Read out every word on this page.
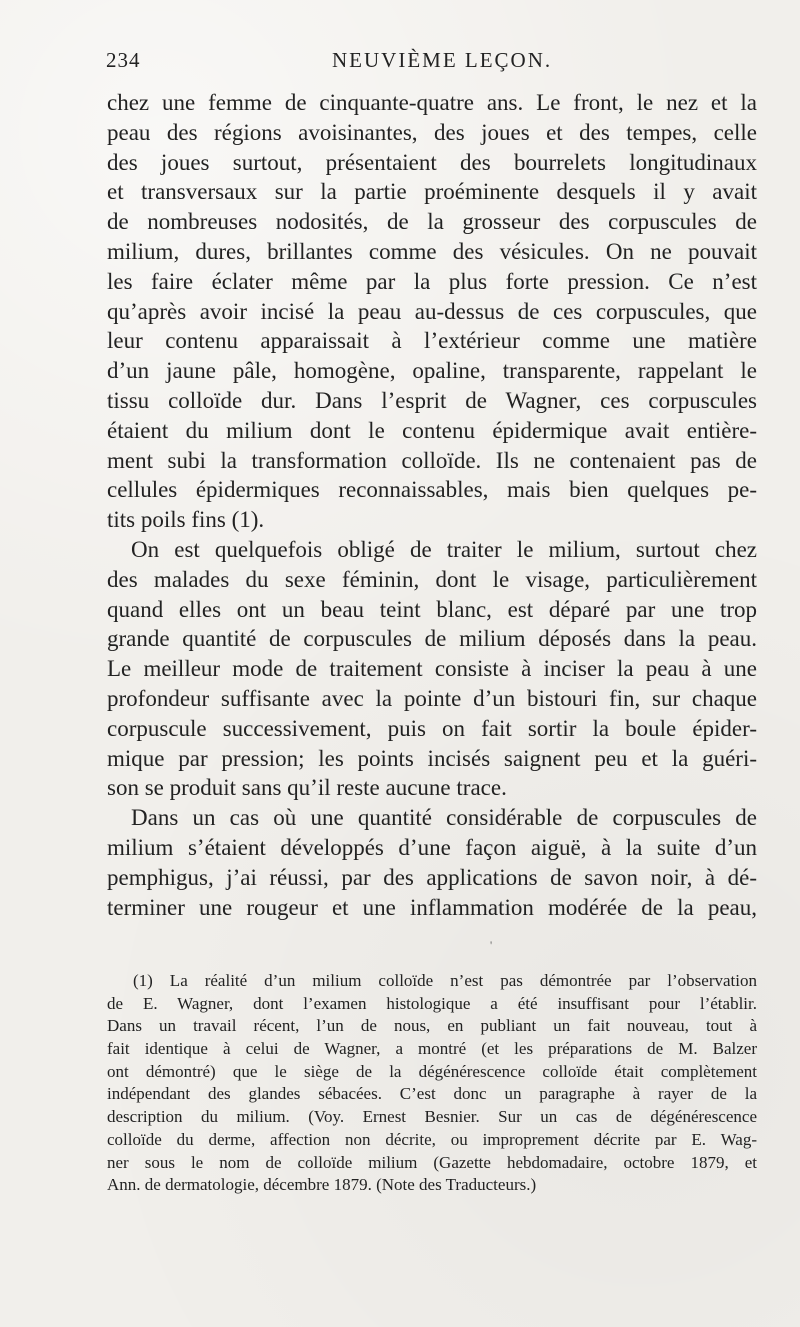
234	NEUVIÈME LEÇON.
chez une femme de cinquante-quatre ans. Le front, le nez et la
peau des régions avoisinantes, des joues et des tempes, celle
des joues surtout, présentaient des bourrelets longitudinaux
et transversaux sur la partie proéminente desquels il y avait
de nombreuses nodosités, de la grosseur des corpuscules de
milium, dures, brillantes comme des vésicules. On ne pouvait
les faire éclater même par la plus forte pression. Ce n’est
qu’après avoir incisé la peau au-dessus de ces corpuscules, que
leur contenu apparaissait à l’extérieur comme une matière
d’un jaune pâle, homogène, opaline, transparente, rappelant le
tissu colloïde dur. Dans l’esprit de Wagner, ces corpuscules
étaient du milium dont le contenu épidermique avait entière-
ment subi la transformation colloïde. Ils ne contenaient pas de
cellules épidermiques reconnaissables, mais bien quelques pe-
tits poils fins (1).
On est quelquefois obligé de traiter le milium, surtout chez
des malades du sexe féminin, dont le visage, particulièrement
quand elles ont un beau teint blanc, est déparé par une trop
grande quantité de corpuscules de milium déposés dans la peau.
Le meilleur mode de traitement consiste à inciser la peau à une
profondeur suffisante avec la pointe d’un bistouri fin, sur chaque
corpuscule successivement, puis on fait sortir la boule épider-
mique par pression; les points incisés saignent peu et la guéri-
son se produit sans qu’il reste aucune trace.
Dans un cas où une quantité considérable de corpuscules de
milium s’étaient développés d’une façon aiguë, à la suite d’un
pemphigus, j’ai réussi, par des applications de savon noir, à dé-
terminer une rougeur et une inflammation modérée de la peau,
'
(1) La réalité d’un milium colloïde n’est pas démontrée par l’observation
de E. Wagner, dont l’examen histologique a été insuffisant pour l’établir.
Dans un travail récent, l’un de nous, en publiant un fait nouveau, tout à
fait identique à celui de Wagner, a montré (et les préparations de M. Balzer
ont démontré) que le siège de la dégénérescence colloïde était complètement
indépendant des glandes sébacées. C’est donc un paragraphe à rayer de la
description du milium. (Voy. Ernest Besnier. Sur un cas de dégénérescence
colloïde du derme, affection non décrite, ou improprement décrite par E. Wag-
ner sous le nom de colloïde milium (Gazette hebdomadaire, octobre 1879, et
Ann. de dermatologie, décembre 1879. (Note des Traducteurs.)
